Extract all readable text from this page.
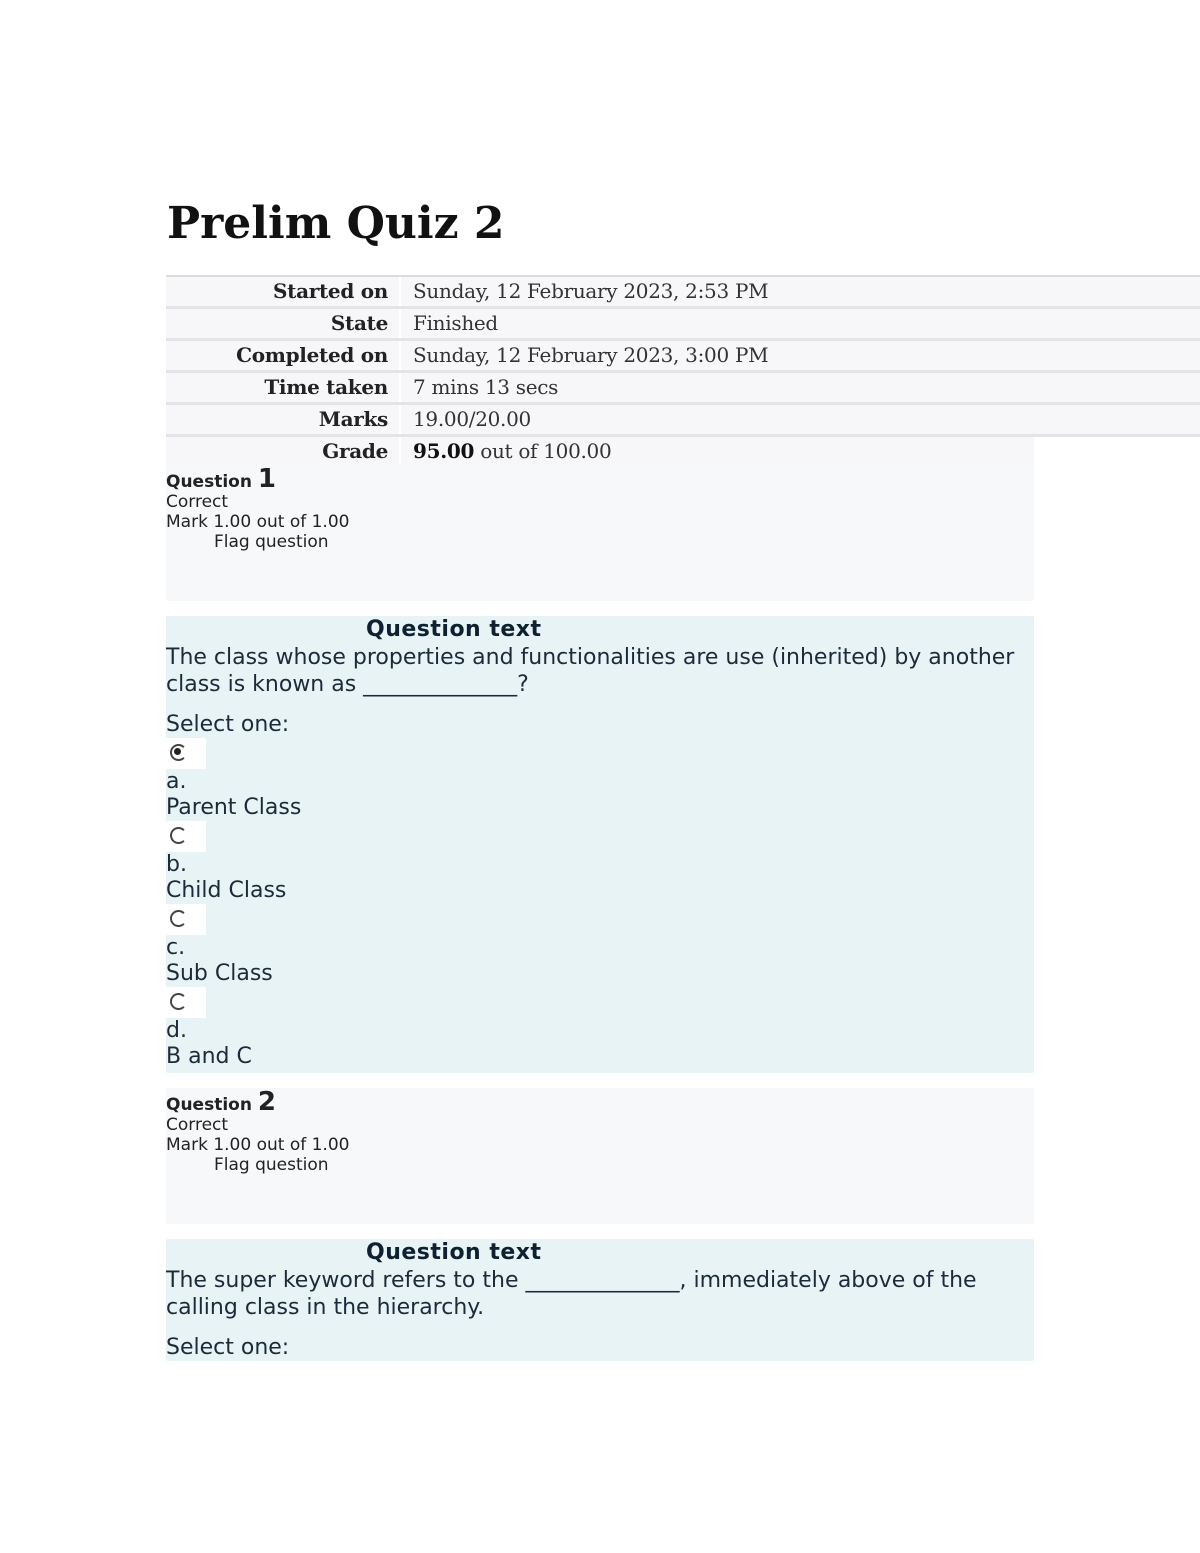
Prelim Quiz 2
Started on	Sunday, 12 February 2023, 2:53 PM
State	Finished
Completed on	Sunday, 12 February 2023, 3:00 PM
Time taken	7 mins 13 secs
Marks	19.00/20.00
Grade	95.00 out of 100.00
Question 1
Correct
Mark 1.00 out of 1.00
Flag question
Question text

The class whose properties and functionalities are use (inherited) by another class is known as ______________?

Select one:
a.
Parent Class
b.
Child Class
c.
Sub Class
d.
B and C
Question 2
Correct
Mark 1.00 out of 1.00
Flag question
Question text

The super keyword refers to the ______________, immediately above of the calling class in the hierarchy.

Select one:
